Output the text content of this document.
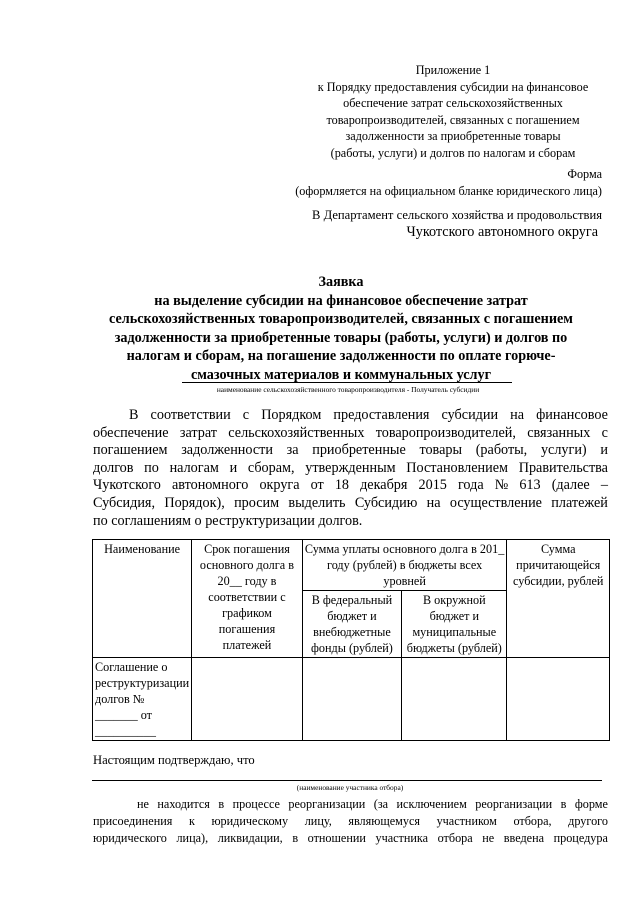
Приложение 1
к Порядку предоставления субсидии на финансовое
обеспечение затрат сельскохозяйственных
товаропроизводителей, связанных с погашением
задолженности за приобретенные товары
(работы, услуги) и долгов по налогам и сборам
Форма
(оформляется на официальном бланке юридического лица)
В Департамент сельского хозяйства и продовольствия
Чукотского автономного округа
Заявка
на выделение субсидии на финансовое обеспечение затрат
сельскохозяйственных товаропроизводителей, связанных с погашением
задолженности за приобретенные товары (работы, услуги) и долгов по
налогам и сборам, на погашение задолженности по оплате горюче-
смазочных материалов и коммунальных услуг
наименование сельскохозяйственного товаропроизводителя - Получатель субсидии
В соответствии с Порядком предоставления субсидии на финансовое
обеспечение затрат сельскохозяйственных товаропроизводителей, связанных с
погашением задолженности за приобретенные товары (работы, услуги) и
долгов по налогам и сборам, утвержденным Постановлением Правительства
Чукотского автономного округа от 18 декабря 2015 года № 613 (далее –
Субсидия, Порядок), просим выделить Субсидию на осуществление платежей
по соглашениям о реструктуризации долгов.
Наименование	Срок погашения основного долга в 20__ году в соответствии с графиком погашения платежей	Сумма уплаты основного долга в 201_ году (рублей) в бюджеты всех уровней		Сумма причитающейся субсидии, рублей
		В федеральный бюджет и внебюджетные фонды (рублей)	В окружной бюджет и муниципальные бюджеты (рублей)	
Соглашение о реструктуризации долгов № _______ от __________				
Настоящим подтверждаю, что
(наименование участника отбора)
не находится в процессе реорганизации (за исключением реорганизации в форме
присоединения к юридическому лицу, являющемуся участником отбора, другого
юридического лица), ликвидации, в отношении участника отбора не введена процедура
